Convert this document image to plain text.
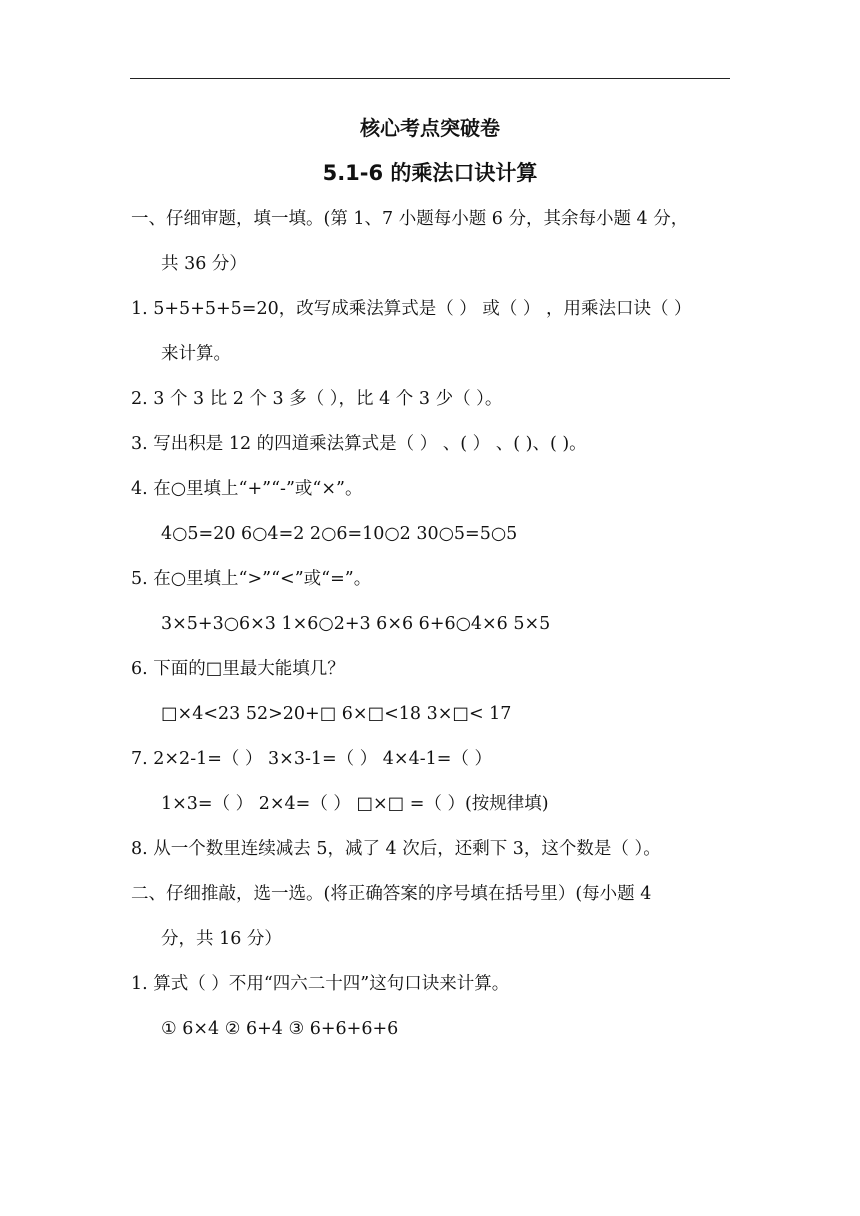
核心考点突破卷
5.1-6 的乘法口诀计算
一、仔细审题，填一填。(第 1、7 小题每小题 6 分，其余每小题 4 分，
共 36 分）
1. 5+5+5+5=20，改写成乘法算式是（ ） 或（ ） ，用乘法口诀（ ）
来计算。
2. 3 个 3 比 2 个 3 多（ ），比 4 个 3 少（ ）。
3. 写出积是 12 的四道乘法算式是（ ） 、( ） 、( )、( )。
4. 在○里填上“+”“-”或“×”。
4○5=20 6○4=2 2○6=10○2 30○5=5○5
5. 在○里填上“>”“<”或“=”。
3×5+3○6×3 1×6○2+3 6×6 6+6○4×6 5×5
6. 下面的□里最大能填几？
□×4<23 52>20+□ 6×□<18 3×□< 17
7. 2×2-1=（ ） 3×3-1=（ ） 4×4-1=（ ）
1×3=（ ） 2×4=（ ） □×□ =（ ）(按规律填)
8. 从一个数里连续减去 5，减了 4 次后，还剩下 3，这个数是（ ）。
二、仔细推敲，选一选。(将正确答案的序号填在括号里）(每小题 4
分，共 16 分）
1. 算式（ ）不用“四六二十四”这句口诀来计算。
① 6×4 ② 6+4 ③ 6+6+6+6
